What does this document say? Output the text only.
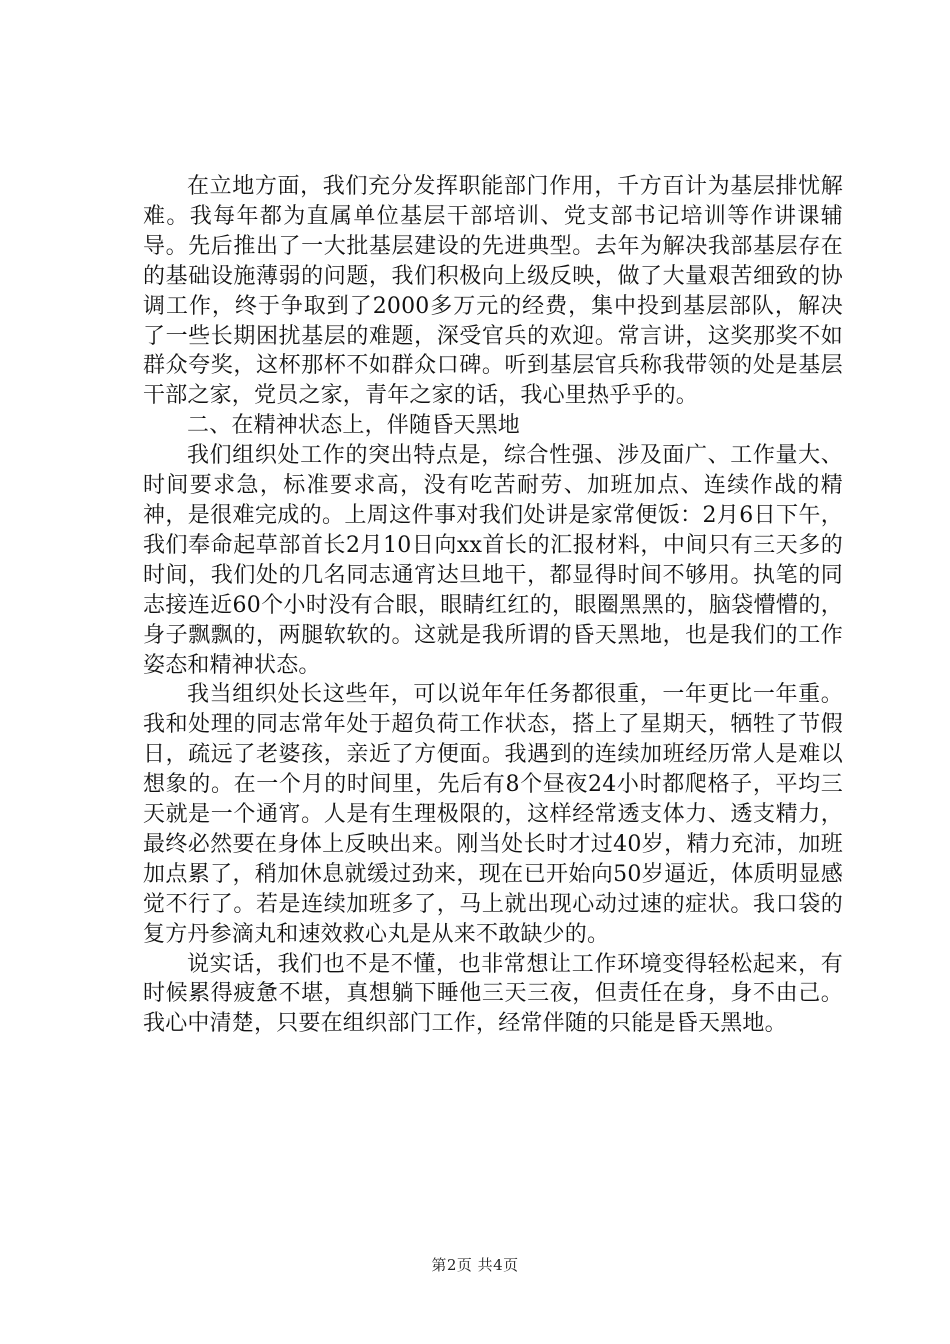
在立地方面，我们充分发挥职能部门作用，千方百计为基层排忧解难。我每年都为直属单位基层干部培训、党支部书记培训等作讲课辅导。先后推出了一大批基层建设的先进典型。去年为解决我部基层存在的基础设施薄弱的问题，我们积极向上级反映，做了大量艰苦细致的协调工作，终于争取到了2000多万元的经费，集中投到基层部队，解决了一些长期困扰基层的难题，深受官兵的欢迎。常言讲，这奖那奖不如群众夸奖，这杯那杯不如群众口碑。听到基层官兵称我带领的处是基层干部之家，党员之家，青年之家的话，我心里热乎乎的。

二、在精神状态上，伴随昏天黑地

我们组织处工作的突出特点是，综合性强、涉及面广、工作量大、时间要求急，标准要求高，没有吃苦耐劳、加班加点、连续作战的精神，是很难完成的。上周这件事对我们处讲是家常便饭：2月6日下午，我们奉命起草部首长2月10日向xx首长的汇报材料，中间只有三天多的时间，我们处的几名同志通宵达旦地干，都显得时间不够用。执笔的同志接连近60个小时没有合眼，眼睛红红的，眼圈黑黑的，脑袋懵懵的，身子飘飘的，两腿软软的。这就是我所谓的昏天黑地，也是我们的工作姿态和精神状态。

我当组织处长这些年，可以说年年任务都很重，一年更比一年重。我和处理的同志常年处于超负荷工作状态，搭上了星期天，牺牲了节假日，疏远了老婆孩，亲近了方便面。我遇到的连续加班经历常人是难以想象的。在一个月的时间里，先后有8个昼夜24小时都爬格子，平均三天就是一个通宵。人是有生理极限的，这样经常透支体力、透支精力，最终必然要在身体上反映出来。刚当处长时才过40岁，精力充沛，加班加点累了，稍加休息就缓过劲来，现在已开始向50岁逼近，体质明显感觉不行了。若是连续加班多了，马上就出现心动过速的症状。我口袋的复方丹参滴丸和速效救心丸是从来不敢缺少的。

说实话，我们也不是不懂，也非常想让工作环境变得轻松起来，有时候累得疲惫不堪，真想躺下睡他三天三夜，但责任在身，身不由己。我心中清楚，只要在组织部门工作，经常伴随的只能是昏天黑地。

第2页 共4页
